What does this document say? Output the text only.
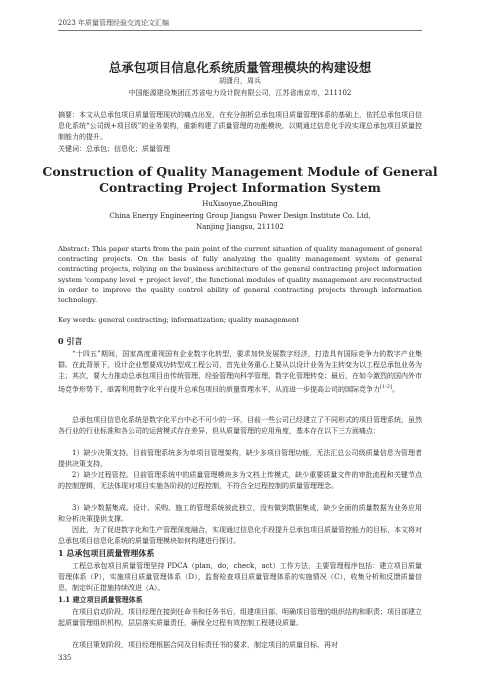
2023 年质量管理经验交流论文汇编
总承包项目信息化系统质量管理模块的构建设想
胡潇月，周兵
中国能源建设集团江苏省电力设计院有限公司，江苏省南京市，211102
摘要：本文从总承包项目质量管理现状的痛点出发，在充分剖析总承包项目质量管理体系的基础上，依托总承包项目信息化系统“公司级+项目级”的业务架构，重新构建了质量管理的功能模块，以期通过信息化手段实现总承包项目质量控制能力的提升。
关键词：总承包；信息化；质量管理
Construction of Quality Management Module of General Contracting Project Information System
HuXiaoyue,ZhouBing
China Energy Engineering Group Jiangsu Power Design Institute Co. Ltd,
Nanjing Jiangsu, 211102
Abstract: This paper starts from the pain point of the current situation of quality management of general contracting projects. On the basis of fully analyzing the quality management system of general contracting projects, relying on the business architecture of the general contracting project information system 'company level + project level', the functional modules of quality management are reconstructed in order to improve the quality control ability of general contracting projects through information technology.
Key words: general contracting; informatization; quality management
0 引言
“十四五”期间，国家高度重视国有企业数字化转型，要求加快发展数字经济，打造具有国际竞争力的数字产业集群。在此背景下，设计企业想要成功转型成工程公司，首先业务重心上要从以设计业务为主转变为以工程总承包业务为主；其次，要大力推动总承包项目由传统管理、经验管理向科学管理、数字化管理转变；最后，在如今激烈的国内外市场竞争形势下，亟需利用数字化平台提升总承包项目的质量管理水平，从而进一步提高公司的国际竞争力[1-2]。
总承包项目信息化系统是数字化平台中必不可少的一环，目前一些公司已经建立了不同形式的项目管理系统，虽然各行业的行业标准和各公司的运营模式存在差异，但从质量管理的应用角度，基本存在以下三方面痛点：
1）缺少决策支持。目前管理系统多为单项目管理架构，缺少多项目管理功能，无法汇总公司级质量信息为管理者提供决策支持。
2）缺少过程管控。目前管理系统中的质量管理模块多为文档上传模式，缺少重要质量文件的审批流程和关键节点的控制逻辑，无法体现对项目实施各阶段的过程控制，不符合全过程控制的质量管理理念。
3）缺少数据集成。设计、采购、施工的管理系统彼此独立，没有做到数据集成，缺少全面的质量数据为业务应用和分析决策提供支撑。
因此，为了促进数字化和生产管理深度融合，实现通过信息化手段提升总承包项目质量管控能力的目标，本文将对总承包项目信息化系统的质量管理模块如何构建进行探讨。
1 总承包项目质量管理体系
工程总承包项目质量管理坚持 PDCA（plan，do，check，act）工作方法，主要管理程序包括：建立项目质量管理体系（P），实施项目质量管理体系（D），监督检查项目质量管理体系的实施情况（C），收集分析和反馈质量信息，制定纠正措施持续改进（A）。
1.1 建立项目质量管理体系
在项目启动阶段，项目经理在接到任命书和任务书后，组建项目部，明确项目管理的组织结构和职责；项目部建立起质量管理组织机构，层层落实质量责任，确保全过程有效控制工程建设质量。
在项目策划阶段，项目经理根据合同及目标责任书的要求，制定项目的质量目标，再对
335
